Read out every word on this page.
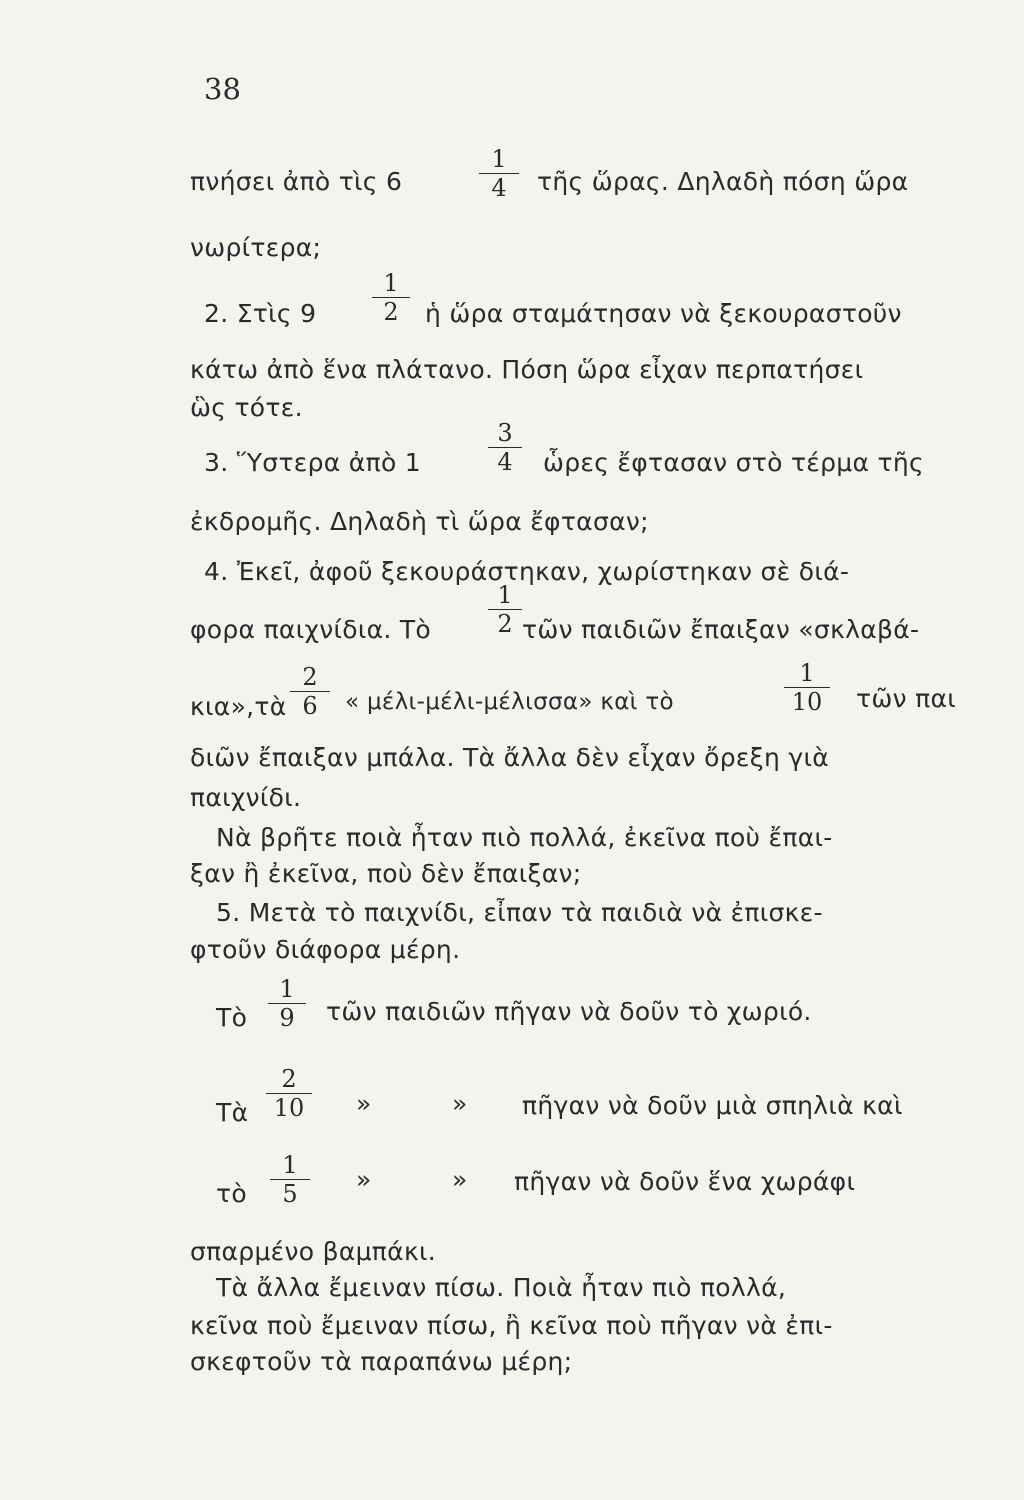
38
πνήσει ἀπὸ τὶς 6
1
4	τῆς ὥρας. Δηλαδὴ πόση ὥρα
νωρίτερα;
2. Στὶς 9
1
2	ἡ ὥρα σταμάτησαν νὰ ξεκουραστοῦν
κάτω ἀπὸ ἕνα πλάτανο. Πόση ὥρα εἶχαν περπατήσει
ὣς τότε.
3. Ὕστερα ἀπὸ 1
3
4	ὧρες ἔφτασαν στὸ τέρμα τῆς
ἐκδρομῆς. Δηλαδὴ τὶ ὥρα ἔφτασαν;
4. Ἐκεῖ, ἀφοῦ ξεκουράστηκαν, χωρίστηκαν σὲ διά-
φορα παιχνίδια. Τὸ
1
2 τῶν παιδιῶν ἔπαιξαν «σκλαβά-
κια»,τὰ
2
6	« μέλι-μέλι-μέλισσα» καὶ τὸ
1
10	τῶν παι
διῶν ἔπαιξαν μπάλα. Τὰ ἄλλα δὲν εἶχαν ὄρεξη γιὰ
παιχνίδι.
Νὰ βρῆτε ποιὰ ἦταν πιὸ πολλά, ἐκεῖνα ποὺ ἔπαι-
ξαν ἢ ἐκεῖνα, ποὺ δὲν ἔπαιξαν;
5. Μετὰ τὸ παιχνίδι, εἶπαν τὰ παιδιὰ νὰ ἐπισκε-
φτοῦν διάφορα μέρη.
Τὸ
1
9	τῶν παιδιῶν πῆγαν νὰ δοῦν τὸ χωριό.
Τὰ
2
10	»	» πῆγαν νὰ δοῦν μιὰ σπηλιὰ καὶ
τὸ
1
5	»	» πῆγαν νὰ δοῦν ἕνα χωράφι
σπαρμένο βαμπάκι.
Τὰ ἄλλα ἔμειναν πίσω. Ποιὰ ἦταν πιὸ πολλά,
κεῖνα ποὺ ἔμειναν πίσω, ἢ κεῖνα ποὺ πῆγαν νὰ ἐπι-
σκεφτοῦν τὰ παραπάνω μέρη;
